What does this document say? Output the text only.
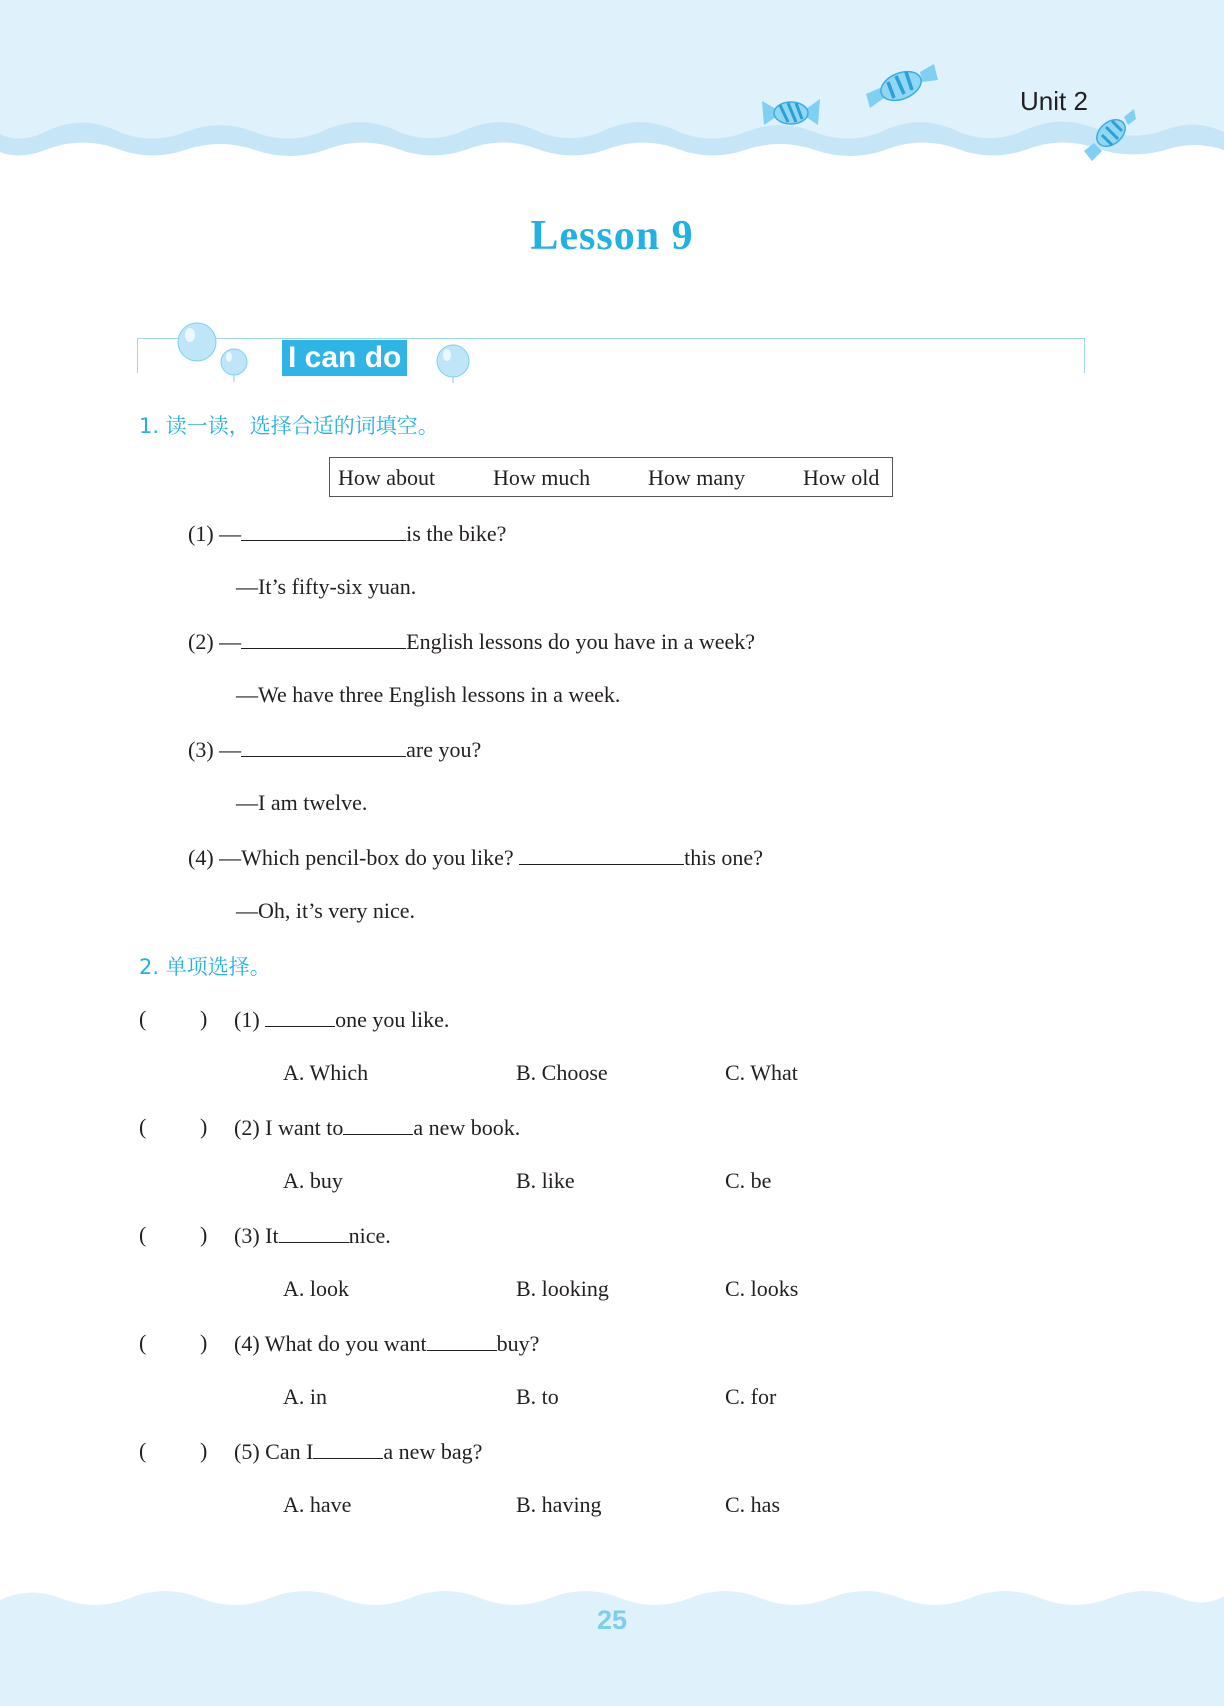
Unit 2
Lesson 9
I can do
1. 读一读，选择合适的词填空。
How about	How much	How many	How old
(1) —	is the bike?
—It’s fifty-six yuan.
(2) —	English lessons do you have in a week?
—We have three English lessons in a week.
(3) —	are you?
—I am twelve.
(4) —Which pencil-box do you like?	this one?
—Oh, it’s very nice.
2. 单项选择。
( ) (1)	one you like.
A. Which	B. Choose	C. What
( ) (2) I want to	a new book.
A. buy	B. like	C. be
( ) (3) It	nice.
A. look	B. looking	C. looks
( ) (4) What do you want	buy?
A. in	B. to	C. for
( ) (5) Can I	a new bag?
A. have	B. having	C. has
25
